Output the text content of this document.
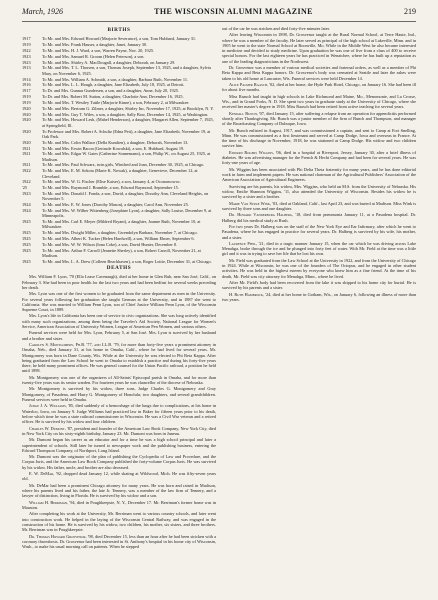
March, 1926	THE WISCONSIN ALUMNI MAGAZINE	219
BIRTHS
1917	To Mr. and Mrs. Edward Howard (Marjorie Severance), a son, Tom Hubbard, January 31.
1919	To Mr. and Mrs. Frank Hauser, a daughter, Janet, January 30.
1922	To Mr. and Mrs. H. J. Ward, a son, Warren Payne, Nov. 20, 1925.
1923	To Mr. and Mrs. Samuel R. Groom (Helen Peterson), a son.
1923	To Mr. and Mrs. Shirley A. MacDougall, a daughter, Deborah, on January 29.
1913	To Mr. and Mrs. T. L. Thorsen, a son, Thomas Joseph, September 13, 1925, and a daughter, Sylvia Mary, on November 6, 1925.
1914	To Mr. and Mrs. William A. Schmidt, a son, a daughter, Barbara Ruth, November 11.
1916	To Mr. and Mrs. L. L. Hough, a daughter, Jane Elizabeth, July 18, 1925, at Detroit.
1917	To Dr. and Mrs. Gunnar Gundersen, a son, and a daughter, Anne, July 20, 1925.
1919	To Dr. and Mrs. Robert M. Sutton, a daughter, Charlotte Ann, December 16, 1925.
1919	To Mr. and Mrs. T. Westley Tuttle (Marjorie Kinne), a son, February 2, at Milwaukee.
1920	To Mr. and Mrs. Bertram G. Zilmer, a daughter, Shirley Inc, November 17, 1925, at Brooklyn, N. Y.
1920	To Mr. and Mrs. Guy T. Wiles, a son, a daughter, Sally Bow, December 14, 1925, at Washington.
1920	To Mr. and Mrs. Howard Lesh, (Mabel Henderson), a daughter, Margaret Allen, September 7, 1925, at Springfield, Ill.
1920	To Professor and Mrs. Robert A. Schultz (Edna Pett), a daughter, Jane Elizabeth, November 19, at Oak Park.
1920	To Mr. and Mrs. Colin Wallace (Della Kumlien), a daughter, Deborah, November 13.
1921	To Mr. and Mrs. Erwin Bacon (Gertrude Kowalski), a son, E. Hubbard, August 19.
1921	To Mr. and Mrs. Edgar W. Gates (Catherine Sonnemann), a son, Philip W., on August 25, 1925, at Madison.
1921	To Mr. and Mrs. Paul Schwarz, twin girls, Winifred and Joan, December 30, 1925, at Chicago.
1922	To Mr. and Mrs. E. M. Sokota (Marie K. Nowak), a daughter, Genevieve, December 12, at Cleveland.
1922	To Mr. and Mrs. W. G. Fischer (Elise Kaiser), a son, January 4, at Oconomowoc.
'25	To Mr. and Mrs. Raymond J. Bramble, a son, Edward Raymond, September 15.
1923	To Mr. and Mrs. Donald J. Fonda, a son, David, a daughter, Dorothy Ann, Cleveland Heights, on November 5.
1924	To Mr. and Mrs. E. W. Jones (Dorothy Mason), a daughter, Carol Ann, November 25.
1924	To Mr. and Mrs. W. Wilber Wittenberg (Josephine Lyon), a daughter, Sally Louise, December 9, at Minneapolis.
1925	To Mr. and Mrs. Carl E. Meyer (Mildred Bryant), a daughter, Joanne Ruth, November 10, at Milwaukee.
1925	To Mr. and Mrs. Dwight Miller, a daughter, Gwendolyn Barbara, November 7, at Chicago.
1925	To Mr. and Mrs. Albert K. Tucker (Helen Hardwell), a son, William Elmer, September 6.
1925	To Mr. and Mrs. W. W. Wilson (Iona Coke), a son, David Hunter, December 8.
1925	To Mr. and Mrs. Arthur F. Carroll (Jeanette Sherley), a son, Robert Carroll, November 21, at Madison.
1925	To Mr. and Mrs. L. A. Drew (Colleen Beachhaven), a son, Roger Lottie, December 31, at Chicago.
DEATHS

Mrs. William F. Lyon, '70 (Ella Lease Cavenaugh), died at her home in Glen Rub, near San José, Calif., on February 3. She had been in poor health for the last two years and had been bedfast for several weeks preceding her death.

Mrs. Lyon was one of the first women to be graduated from the same department as men in the University. For several years following her graduation she taught German at the University, and in 1887 she went to California. She was married to William Penn Lyon, son of Chief Justice William Penn Lyon, of the Wisconsin Supreme Court, in 1889.

Mrs. Lyon's life in California has been one of service to civic organizations. She was long actively identified with many such organizations, among them being the Traveler's Aid Society, National League for Women's Service, American Association of University Women, League of American Pen Women, and various others.

Funeral services were held for Mrs. Lyon, February 5, at San José. Mrs. Lyon is survived by her husband and a brother and sister.

Carolyn S. Montgomery, Ph.B. '77, and LL.B. '79, for more than forty-five years a prominent attorney in Omaha, Neb., died January 31, at his home in Omaha, Calif., where he had lived for several years. Mr. Montgomery was born in Dane County, Wis. While at the University he was elected to Phi Beta Kappa. After being graduated from the Law School he went to Omaha to establish a practice and during his forty-five years there, he held many prominent offices. He was general counsel for the Union Pacific railroad, a position he held until 1898.

Mr. Montgomery was one of the organizers of All-Saints' Episcopal parish in Omaha, and for more than twenty-five years was its senior warden. For fourteen years he was chancellor of the diocese of Nebraska.

Mr. Montgomery is survived by his widow, three sons, Judge Charles G. Montgomery and Gray Montgomery, of Pasadena, and Harry G. Montgomery of Honolulu; two daughters, and several grandchildren. Funeral services were held in Omaha.

Judge J. A. Williams, '85, died suddenly of a hemorrhage of the lungs due to complications, at his home in Waterloo, Iowa, on January 9. Judge Williams had practiced law in Baker for fifteen years prior to his death, before which time he was a state railroad commissioner in Wisconsin. He was a Civil War veteran and a retired officer. He is survived by his widow and four children.

Charles W. Dumont, '87, president and founder of the American Law Book Company, New York City, died in New York City on his sixty-eighth birthday, January 23. Mr. Dumont was born in Juneau.

Mr. Dumont began his career as an educator and for a time he was a high school principal and later a superintendent of schools. Still later he turned to newspaper work and the publishing business, entering the Edward Thompson Company, of Northport, Long Island.

Mr. Dumont was the originator of the plan of publishing the Cyclopedia of Law and Procedure, and the Corpus Juris, and the American Law Book Company published the forty-volume Corpus Juris. He was survived by his widow. His father, uncle, and brother are also deceased.

E. W. DeMar, '92, dropped dead January 12, while skating at Wildwood, Mich. He was fifty-seven years old.

Mr. DeMar had been a prominent Chicago attorney for many years. He was born and raised in Madison, where his parents lived and his father, the late Jr. Tennery, was a member of the law firm of Tennery, and a lawyer of distinction, living in Florida. He is survived by his widow and a son.

William H. Berriman, '94, died in Poughkeepsie, N. Y., December 17. Mr. Berriman's former home was in Mauston.

After completing his work at the University, Mr. Berriman went to various country schools, and later went into construction work. He helped in the laying of the Wisconsin Central Railway, and was engaged in the construction of his home. He is survived by his widow, two children, his mother, six sisters, and three brothers. Mr. Berriman was in Poughkeepsie.

Dr. Thomas Howard Grosvenor, '98, died December 15, less than an hour after he had been stricken with a coronary thrombosis. Dr. Grosvenor had been interested in St. Anthony's hospital in his home city of Wisconsin, Wash., to make his usual morning call on patients. When he stepped

out of the car he was stricken and died forty-five minutes later.

After leaving Wisconsin in 1898, Dr. Grosvenor taught at the Rural Normal School, at Terre Haute, Ind., where he was a member of the faculty. He later served as principal of the high school at Lakeville, Minn. and in 1905 he went to the state Normal School at Boonville, Mo. While in the Middle West he also became interested in medicine and decided to study medicine. Upon graduation he was one of five from a class of 400 to receive special honors. For the last eighteen years he has practiced in Wenatchee, where he has built up a reputation as one of the leading diagnosticians in the Northwest.

Dr. Grosvenor was a member of various medical societies and fraternal orders, as well as a member of Phi Beta Kappa and Beta Kappa honors. Dr. Grosvenor's body was cremated at Seattle and later the ashes were taken to his old home at Lancaster, Wis. Funeral services were held December 14.

Alice Palmer Raasch, '02, died at her home, the Hyde Park Hotel, Chicago, on January 16. She had been ill for about five months.

Miss Raasch had taught in high schools in Lake Richmond and Maine, Mo., Menomonie, and La Crosse, Wis., and in Grand Forks, N. D. She spent two years in graduate study at the University of Chicago, where she received her master's degree in 1918. Miss Raasch had been retired from active teaching for several years.

Kendall Bunch, '07, died January 15, after suffering a relapse from an operation for appendicitis performed shortly after Thanksgiving. Mr. Bunch was a junior member of the firm of Bunch and Thompson, and manager of the Broadcasting Company of Dubuque, Iowa.

Mr. Bunch enlisted in August, 1917, and was commissioned a captain, and sent to Camp at Fort Snelling, Minn. He was commissioned as a first lieutenant and served at Camp Dodge, Iowa and overseas in France. At the time of his discharge in November, 1918, he was stationed at Camp Dodge. His widow and two children survive him.

Edward Rogers Wiggins, '06, died in a hospital at Riverport, Jersey, January 30, after a brief illness of diabetes. He was advertising manager for the French & Hecht Company and had been for several years. He was forty-one years of age.

Mr. Wiggins has been associated with Phi Delta Theta fraternity for many years, and he has done editorial work in farm and implement papers. He was national chairman of the Agricultural Publishers' Association of the American Association of Agricultural Engineers.

Surviving are his parents, his widow, Mrs. Wiggins, who held an M.S. from the University of Nebraska. His widow, Emilie Shannon Wiggins, '11, also attended the University of Wisconsin. Besides his widow he is survived by a sister and a brother.

Marie Van Slyke Wink, '03, died at Oakland, Calif., last April 23, and was buried at Madison. Miss Wink is survived by three sons and one daughter.

Dr. Howard Vanderburg Halberg, '18, died from pneumonia January 11, at a Pasadena hospital. Dr. Halberg did his medical study at Rush.

For two years Dr. Halberg was on the staff of the New York Eye and Ear Infirmary, after which he went to Pasadena, where he has engaged in practice for several years. Dr. Halberg is survived by his wife, his mother, and a sister.

Laurence Pfeil, '21, died in a tragic manner January 15, when the car which he was driving across Lake Menahga, broke through the ice and he plunged into forty feet of water. With Mr. Field at the time was a little girl and it was in trying to save her life that he lost his own.

Mr. Field was graduated from the Law School at the University in 1922, and from the University of Chicago in 1924. While at Wisconsin, he was one of the founders of The Octopus, and he engaged in other student activities. He was held in the highest esteem by everyone who knew him as a fine friend. At the time of his death, Mr. Field was city attorney for Menahga, Minn., where he lived.

After Mr. Field's body had been recovered from the lake it was shipped to his home city for burial. He is survived by his parents and a sister.

H. Ruth Hambrock, '24, died at her home in Gotham, Wis., on January 6, following an illness of more than two years.
